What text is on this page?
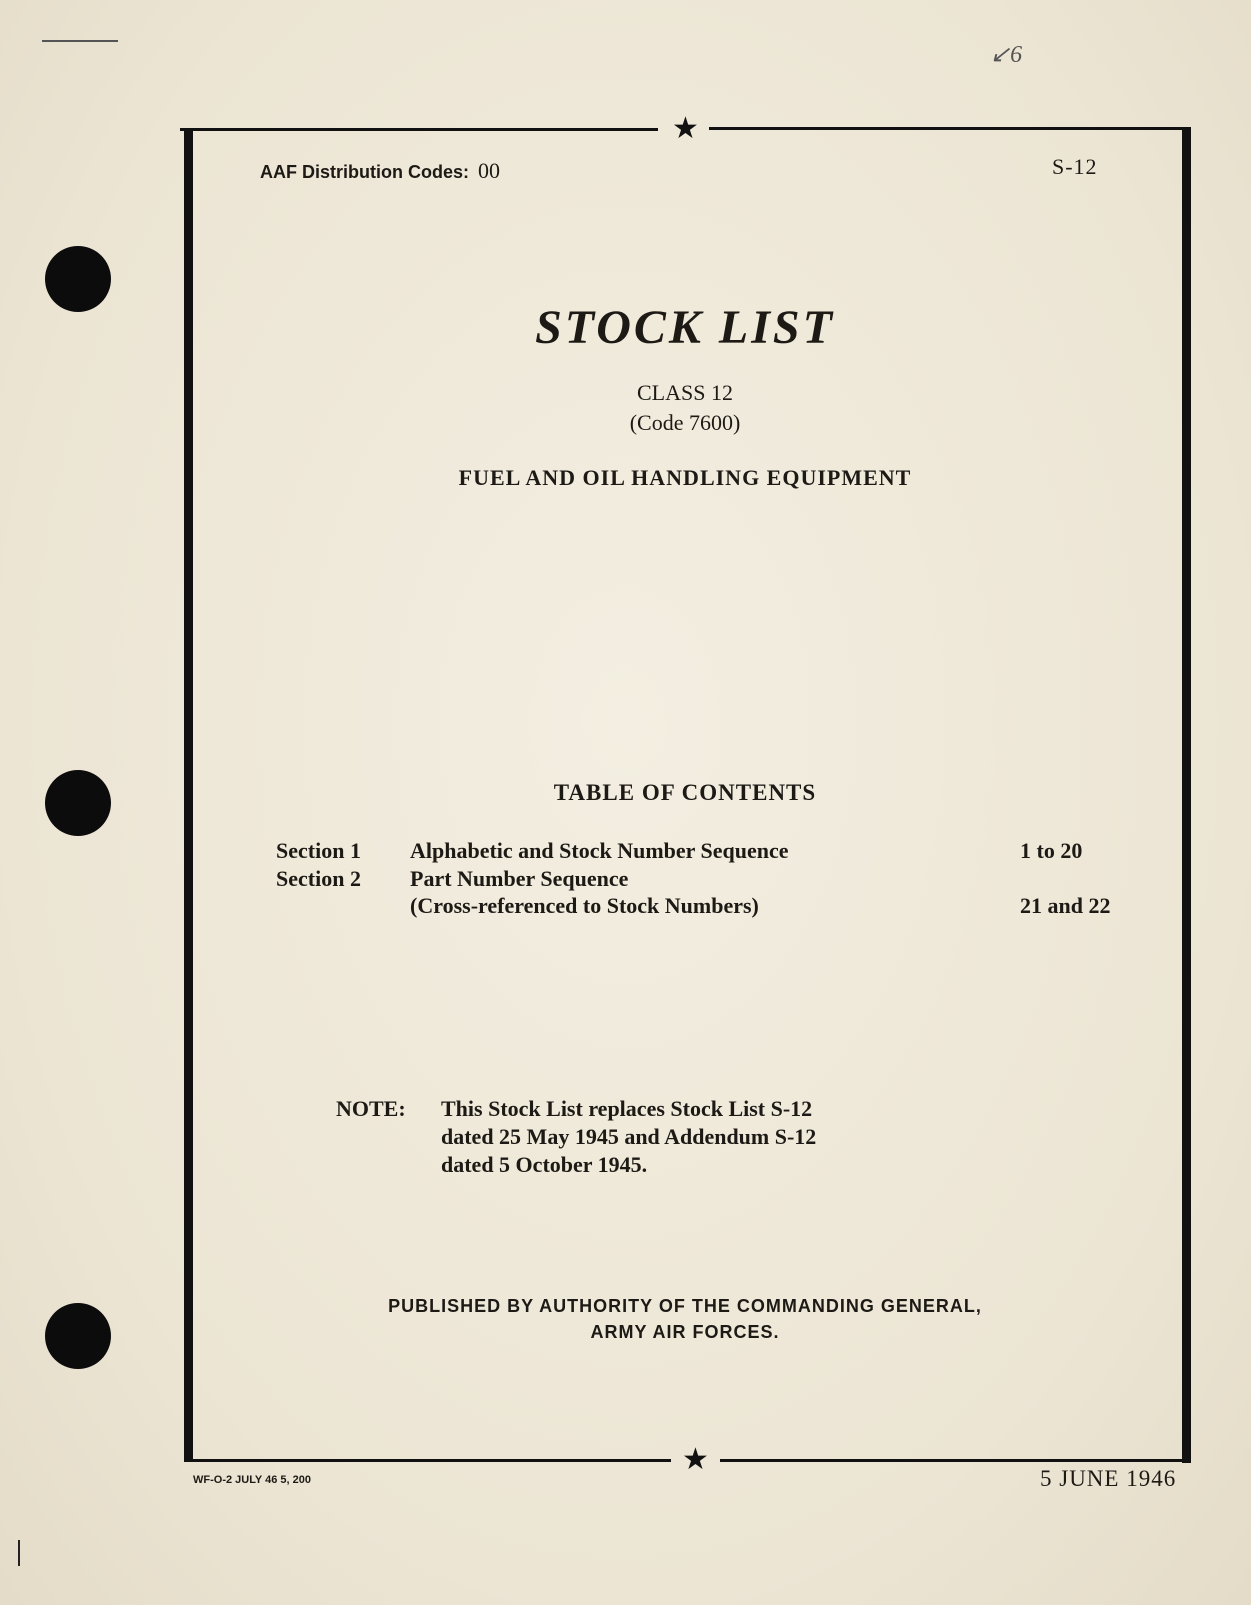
↙6
★
★
AAF Distribution Codes: 00	S-12
STOCK LIST
CLASS 12
(Code 7600)
FUEL AND OIL HANDLING EQUIPMENT
TABLE OF CONTENTS
Section 1 Alphabetic and Stock Number Sequence	1 to 20
Section 2 Part Number Sequence
(Cross-referenced to Stock Numbers)	21 and 22
NOTE: This Stock List replaces Stock List S-12
dated 25 May 1945 and Addendum S-12
dated 5 October 1945.
PUBLISHED BY AUTHORITY OF THE COMMANDING GENERAL,
ARMY AIR FORCES.
WF-O-2 JULY 46 5, 200	5 JUNE 1946
